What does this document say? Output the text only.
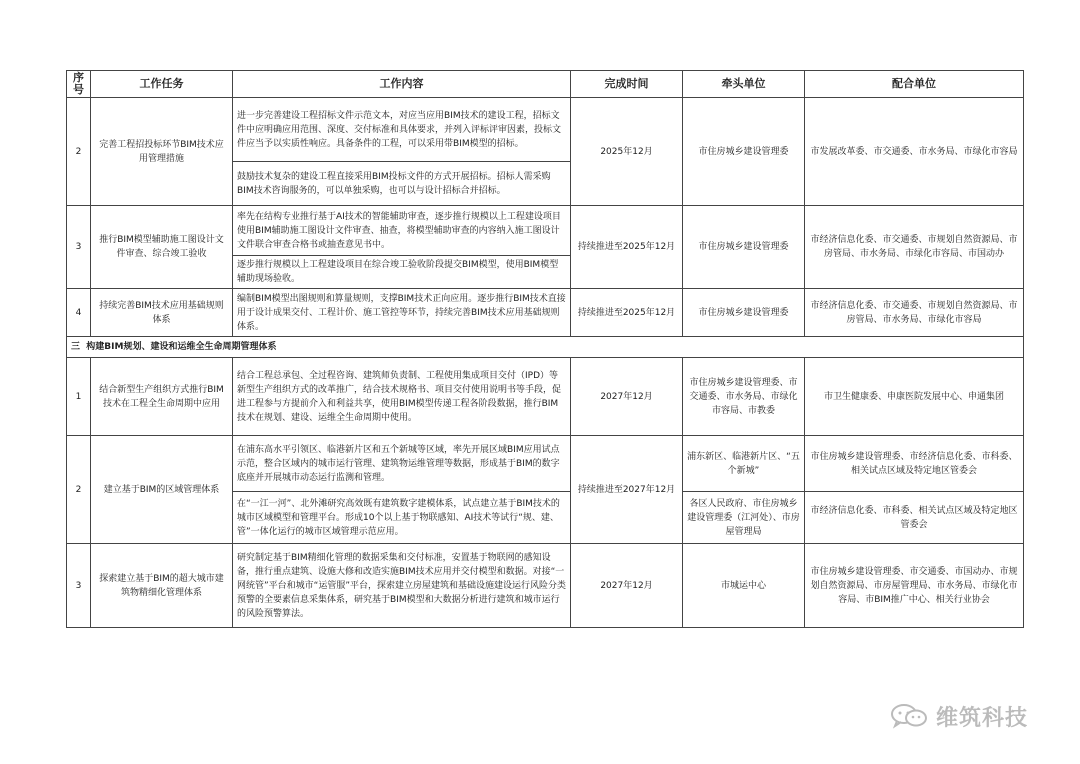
序号	工作任务	工作内容	完成时间	牵头单位	配合单位
2	完善工程招投标环节BIM技术应用管理措施	进一步完善建设工程招标文件示范文本，对应当应用BIM技术的建设工程，招标文件中应明确应用范围、深度、交付标准和具体要求，并列入评标评审因素，投标文件应当予以实质性响应。具备条件的工程，可以采用带BIM模型的招标。	2025年12月	市住房城乡建设管理委	市发展改革委、市交通委、市水务局、市绿化市容局
		鼓励技术复杂的建设工程直接采用BIM投标文件的方式开展招标。招标人需采购BIM技术咨询服务的，可以单独采购，也可以与设计招标合并招标。			
3	推行BIM模型辅助施工图设计文件审查、综合竣工验收	率先在结构专业推行基于AI技术的智能辅助审查，逐步推行规模以上工程建设项目使用BIM辅助施工图设计文件审查、抽查，将模型辅助审查的内容纳入施工图设计文件联合审查合格书或抽查意见书中。	持续推进至2025年12月	市住房城乡建设管理委	市经济信息化委、市交通委、市规划自然资源局、市房管局、市水务局、市绿化市容局、市国动办
		逐步推行规模以上工程建设项目在综合竣工验收阶段提交BIM模型，使用BIM模型辅助现场验收。			
4	持续完善BIM技术应用基础规则体系	编制BIM模型出图规则和算量规则，支撑BIM技术正向应用。逐步推行BIM技术直接用于设计成果交付、工程计价、施工管控等环节，持续完善BIM技术应用基础规则体系。	持续推进至2025年12月	市住房城乡建设管理委	市经济信息化委、市交通委、市规划自然资源局、市房管局、市水务局、市绿化市容局
三 构建BIM规划、建设和运维全生命周期管理体系					
1	结合新型生产组织方式推行BIM技术在工程全生命周期中应用	结合工程总承包、全过程咨询、建筑师负责制、工程使用集成项目交付（IPD）等新型生产组织方式的改革推广，结合技术规格书、项目交付使用说明书等手段，促进工程参与方提前介入和利益共享，使用BIM模型传递工程各阶段数据，推行BIM技术在规划、建设、运维全生命周期中使用。	2027年12月	市住房城乡建设管理委、市交通委、市水务局、市绿化市容局、市教委	市卫生健康委、申康医院发展中心、申通集团
2	建立基于BIM的区域管理体系	在浦东高水平引领区、临港新片区和五个新城等区域，率先开展区域BIM应用试点示范，整合区域内的城市运行管理、建筑物运维管理等数据，形成基于BIM的数字底座并开展城市动态运行监测和管理。	持续推进至2027年12月	浦东新区、临港新片区、“五个新城”	市住房城乡建设管理委、市经济信息化委、市科委、相关试点区域及特定地区管委会
		在“一江一河”、北外滩研究高效既有建筑数字建模体系，试点建立基于BIM技术的城市区域模型和管理平台。形成10个以上基于物联感知、AI技术等试行“规、建、管”一体化运行的城市区域管理示范应用。		各区人民政府、市住房城乡建设管理委（江河处）、市房屋管理局	市经济信息化委、市科委、相关试点区域及特定地区管委会
3	探索建立基于BIM的超大城市建筑物精细化管理体系	研究制定基于BIM精细化管理的数据采集和交付标准，安置基于物联网的感知设备，推行重点建筑、设施大修和改造实施BIM技术应用并交付模型和数据。对接“一网统管”平台和城市“运管服”平台，探索建立房屋建筑和基础设施建设运行风险分类预警的全要素信息采集体系，研究基于BIM模型和大数据分析进行建筑和城市运行的风险预警算法。	2027年12月	市城运中心	市住房城乡建设管理委、市交通委、市国动办、市规划自然资源局、市房屋管理局、市水务局、市绿化市容局、市BIM推广中心、相关行业协会
维筑科技
